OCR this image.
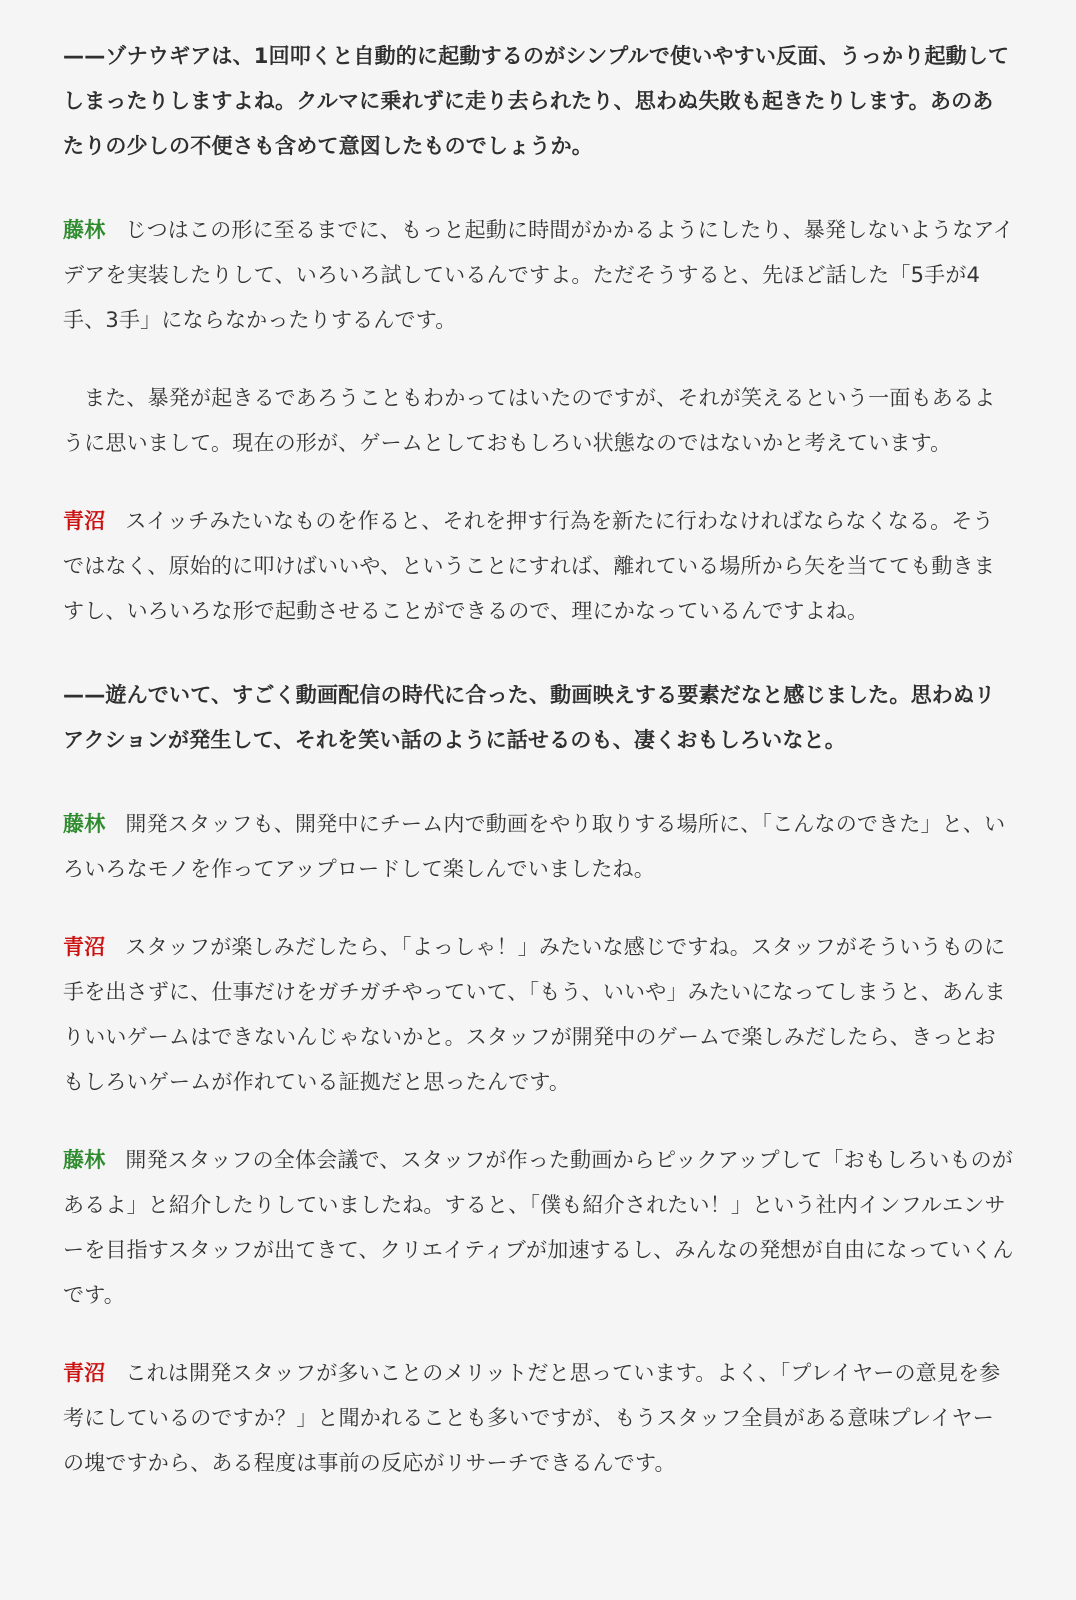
——ゾナウギアは、1回叩くと自動的に起動するのがシンプルで使いやすい反面、うっかり起動してしまったりしますよね。クルマに乗れずに走り去られたり、思わぬ失敗も起きたりします。あのあたりの少しの不便さも含めて意図したものでしょうか。

藤林 じつはこの形に至るまでに、もっと起動に時間がかかるようにしたり、暴発しないようなアイデアを実装したりして、いろいろ試しているんですよ。ただそうすると、先ほど話した「5手が4手、3手」にならなかったりするんです。

また、暴発が起きるであろうこともわかってはいたのですが、それが笑えるという一面もあるように思いまして。現在の形が、ゲームとしておもしろい状態なのではないかと考えています。

青沼 スイッチみたいなものを作ると、それを押す行為を新たに行わなければならなくなる。そうではなく、原始的に叩けばいいや、ということにすれば、離れている場所から矢を当てても動きますし、いろいろな形で起動させることができるので、理にかなっているんですよね。

——遊んでいて、すごく動画配信の時代に合った、動画映えする要素だなと感じました。思わぬリアクションが発生して、それを笑い話のように話せるのも、凄くおもしろいなと。

藤林 開発スタッフも、開発中にチーム内で動画をやり取りする場所に、「こんなのできた」と、いろいろなモノを作ってアップロードして楽しんでいましたね。

青沼 スタッフが楽しみだしたら、「よっしゃ！」みたいな感じですね。スタッフがそういうものに手を出さずに、仕事だけをガチガチやっていて、「もう、いいや」みたいになってしまうと、あんまりいいゲームはできないんじゃないかと。スタッフが開発中のゲームで楽しみだしたら、きっとおもしろいゲームが作れている証拠だと思ったんです。

藤林 開発スタッフの全体会議で、スタッフが作った動画からピックアップして「おもしろいものがあるよ」と紹介したりしていましたね。すると、「僕も紹介されたい！」という社内インフルエンサーを目指すスタッフが出てきて、クリエイティブが加速するし、みんなの発想が自由になっていくんです。

青沼 これは開発スタッフが多いことのメリットだと思っています。よく、「プレイヤーの意見を参考にしているのですか？」と聞かれることも多いですが、もうスタッフ全員がある意味プレイヤーの塊ですから、ある程度は事前の反応がリサーチできるんです。
